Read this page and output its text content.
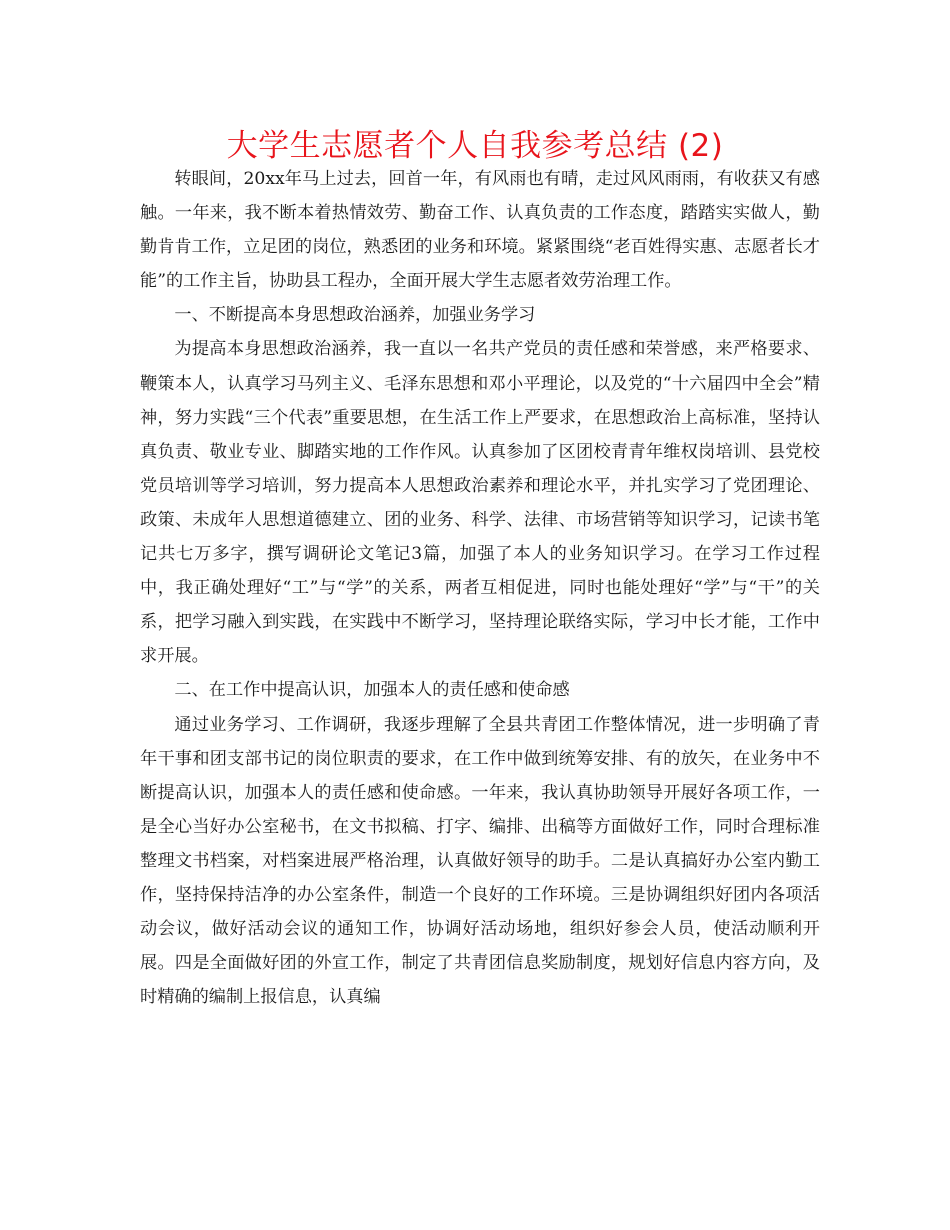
大学生志愿者个人自我参考总结 (2)

转眼间，20xx年马上过去，回首一年，有风雨也有晴，走过风风雨雨，有收获又有感触。一年来，我不断本着热情效劳、勤奋工作、认真负责的工作态度，踏踏实实做人，勤勤肯肯工作，立足团的岗位，熟悉团的业务和环境。紧紧围绕“老百姓得实惠、志愿者长才能”的工作主旨，协助县工程办，全面开展大学生志愿者效劳治理工作。

一、不断提高本身思想政治涵养，加强业务学习

为提高本身思想政治涵养，我一直以一名共产党员的责任感和荣誉感，来严格要求、鞭策本人，认真学习马列主义、毛泽东思想和邓小平理论，以及党的“十六届四中全会”精神，努力实践“三个代表”重要思想，在生活工作上严要求，在思想政治上高标准，坚持认真负责、敬业专业、脚踏实地的工作作风。认真参加了区团校青青年维权岗培训、县党校党员培训等学习培训，努力提高本人思想政治素养和理论水平，并扎实学习了党团理论、政策、未成年人思想道德建立、团的业务、科学、法律、市场营销等知识学习，记读书笔记共七万多字，撰写调研论文笔记3篇，加强了本人的业务知识学习。在学习工作过程中，我正确处理好“工”与“学”的关系，两者互相促进，同时也能处理好“学”与“干”的关系，把学习融入到实践，在实践中不断学习，坚持理论联络实际，学习中长才能，工作中求开展。

二、在工作中提高认识，加强本人的责任感和使命感

通过业务学习、工作调研，我逐步理解了全县共青团工作整体情况，进一步明确了青年干事和团支部书记的岗位职责的要求，在工作中做到统筹安排、有的放矢，在业务中不断提高认识，加强本人的责任感和使命感。一年来，我认真协助领导开展好各项工作，一是全心当好办公室秘书，在文书拟稿、打字、编排、出稿等方面做好工作，同时合理标准整理文书档案，对档案进展严格治理，认真做好领导的助手。二是认真搞好办公室内勤工作，坚持保持洁净的办公室条件，制造一个良好的工作环境。三是协调组织好团内各项活动会议，做好活动会议的通知工作，协调好活动场地，组织好参会人员，使活动顺利开展。四是全面做好团的外宣工作，制定了共青团信息奖励制度，规划好信息内容方向，及时精确的编制上报信息，认真编
